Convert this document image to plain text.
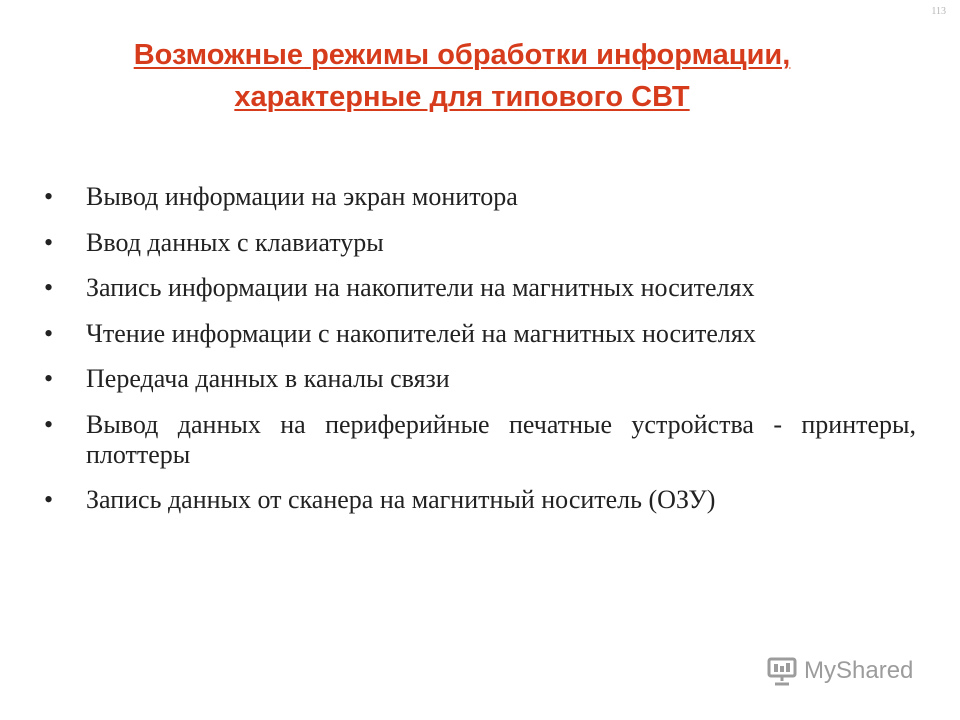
113
Возможные режимы обработки информации,
характерные для типового СВТ
• Вывод информации на экран монитора
• Ввод данных с клавиатуры
• Запись информации на накопители на магнитных носителях
• Чтение информации с накопителей на магнитных носителях
• Передача данных в каналы связи
• Вывод данных на периферийные печатные устройства - принтеры, плоттеры
• Запись данных от сканера на магнитный носитель (ОЗУ)
MyShared
